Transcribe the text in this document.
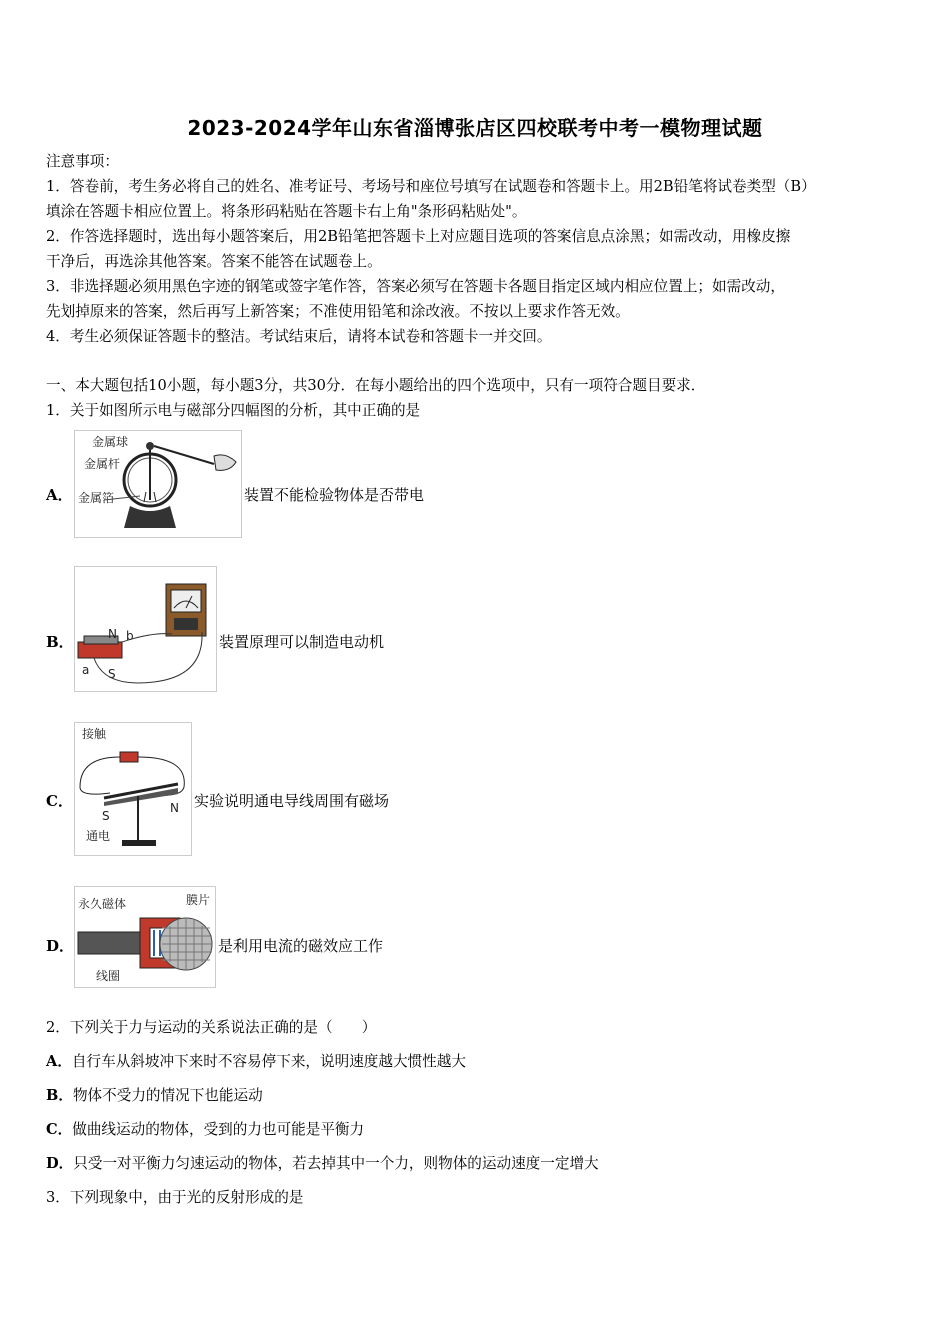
2023-2024学年山东省淄博张店区四校联考中考一模物理试题
注意事项：
1．答卷前，考生务必将自己的姓名、准考证号、考场号和座位号填写在试题卷和答题卡上。用2B铅笔将试卷类型（B）
填涂在答题卡相应位置上。将条形码粘贴在答题卡右上角"条形码粘贴处"。
2．作答选择题时，选出每小题答案后，用2B铅笔把答题卡上对应题目选项的答案信息点涂黑；如需改动，用橡皮擦
干净后，再选涂其他答案。答案不能答在试题卷上。
3．非选择题必须用黑色字迹的钢笔或签字笔作答，答案必须写在答题卡各题目指定区域内相应位置上；如需改动，
先划掉原来的答案，然后再写上新答案；不准使用铅笔和涂改液。不按以上要求作答无效。
4．考生必须保证答题卡的整洁。考试结束后，请将本试卷和答题卡一并交回。
一、本大题包括10小题，每小题3分，共30分．在每小题给出的四个选项中，只有一项符合题目要求．
1．关于如图所示电与磁部分四幅图的分析，其中正确的是
A．
金属球
金属杆
金属箔	装置不能检验物体是否带电
B．	N b
a S
装置原理可以制造电动机
C．
接触
S
N
通电
实验说明通电导线周围有磁场
D．
永久磁体	膜片
线圈
是利用电流的磁效应工作
2．下列关于力与运动的关系说法正确的是（　　）
A．自行车从斜坡冲下来时不容易停下来，说明速度越大惯性越大
B．物体不受力的情况下也能运动
C．做曲线运动的物体，受到的力也可能是平衡力
D．只受一对平衡力匀速运动的物体，若去掉其中一个力，则物体的运动速度一定增大
3．下列现象中，由于光的反射形成的是
